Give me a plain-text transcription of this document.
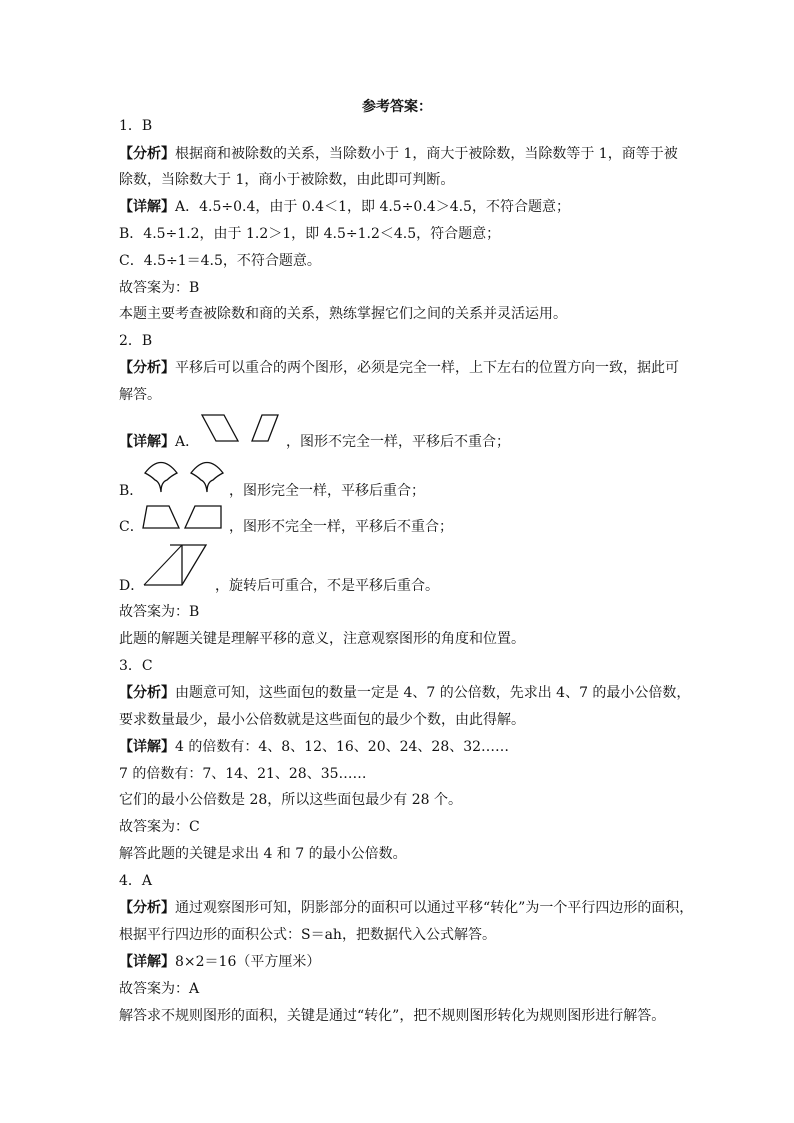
参考答案：
1．B
【分析】根据商和被除数的关系，当除数小于 1，商大于被除数，当除数等于 1，商等于被
除数，当除数大于 1，商小于被除数，由此即可判断。
【详解】A．4.5÷0.4，由于 0.4＜1，即 4.5÷0.4＞4.5，不符合题意；
B．4.5÷1.2，由于 1.2＞1，即 4.5÷1.2＜4.5，符合题意；
C．4.5÷1＝4.5，不符合题意。
故答案为：B
本题主要考查被除数和商的关系，熟练掌握它们之间的关系并灵活运用。
2．B
【分析】平移后可以重合的两个图形，必须是完全一样，上下左右的位置方向一致，据此可
解答。
【详解】A．	，图形不完全一样，平移后不重合；
B．	，图形完全一样，平移后重合；
C．	，图形不完全一样，平移后不重合；
D．	，旋转后可重合，不是平移后重合。
故答案为：B
此题的解题关键是理解平移的意义，注意观察图形的角度和位置。
3．C
【分析】由题意可知，这些面包的数量一定是 4、7 的公倍数，先求出 4、7 的最小公倍数，
要求数量最少，最小公倍数就是这些面包的最少个数，由此得解。
【详解】4 的倍数有：4、8、12、16、20、24、28、32……
7 的倍数有：7、14、21、28、35……
它们的最小公倍数是 28，所以这些面包最少有 28 个。
故答案为：C
解答此题的关键是求出 4 和 7 的最小公倍数。
4．A
【分析】通过观察图形可知，阴影部分的面积可以通过平移“转化”为一个平行四边形的面积，
根据平行四边形的面积公式：S＝ah，把数据代入公式解答。
【详解】8×2＝16（平方厘米）
故答案为：A
解答求不规则图形的面积，关键是通过“转化”，把不规则图形转化为规则图形进行解答。
